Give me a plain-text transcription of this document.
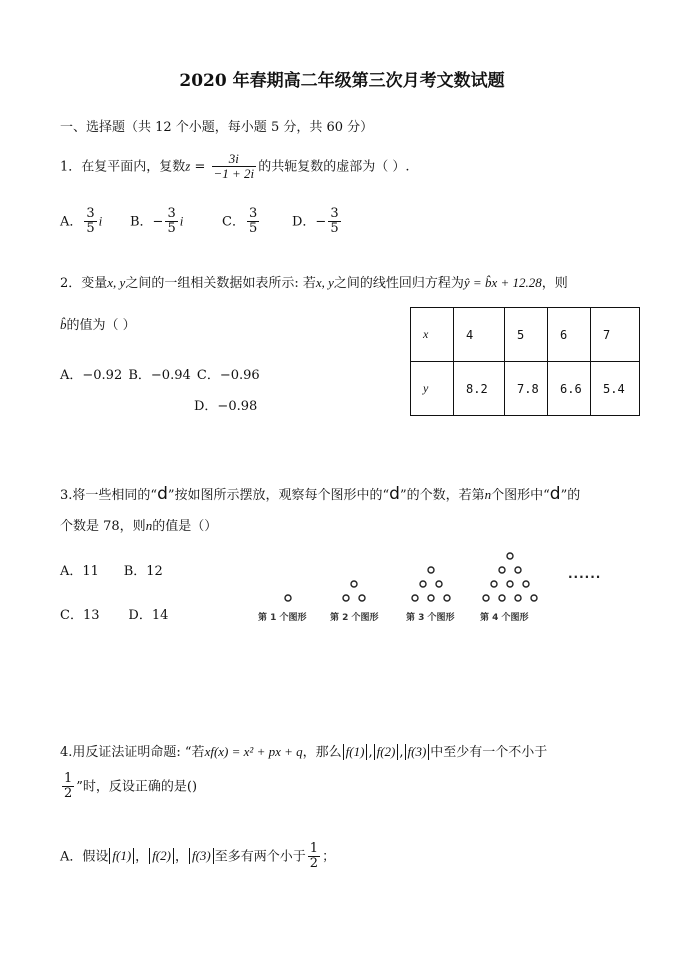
2020 年春期高二年级第三次月考文数试题
一、选择题（共 12 个小题，每小题 5 分，共 60 分）
1．在复平面内，复数$z = \frac{3i}{-1 + 2i}$ 的共轭复数的虚部为（ ）.
A． $\frac{3}{5}$ i B．− $\frac{3}{5}$ i	C． $\frac{3}{5}$	D．− $\frac{3}{5}$
2．变量x, y之间的一组相关数据如表所示: 若x, y之间的线性回归方程为ŷ = b̂x + 12.28，则
b̂的值为（ ）
A．−0.92 B．−0.94 C．−0.96
D．−0.98
x	4	5	6	7
y	8.2	7.8	6.6	5.4
3.将一些相同的“d”按如图所示摆放，观察每个图形中的“d”的个数，若第n个图形中“d”的
个数是 78，则n的值是（）
A．11      B．12
C．13       D．14	第 1 个图形	第 2 个图形	第 3 个图形	第 4 个图形
······
4.用反证法证明命题: “若xf(x) = x² + px + q，那么 f(1) , f(2) , f(3) 中至少有一个不小于
$\frac{1}{2}$ ”时，反设正确的是()
A．假设 f(1) ， f(2) ， f(3) 至多有两个小于 $\frac{1}{2}$ ；
